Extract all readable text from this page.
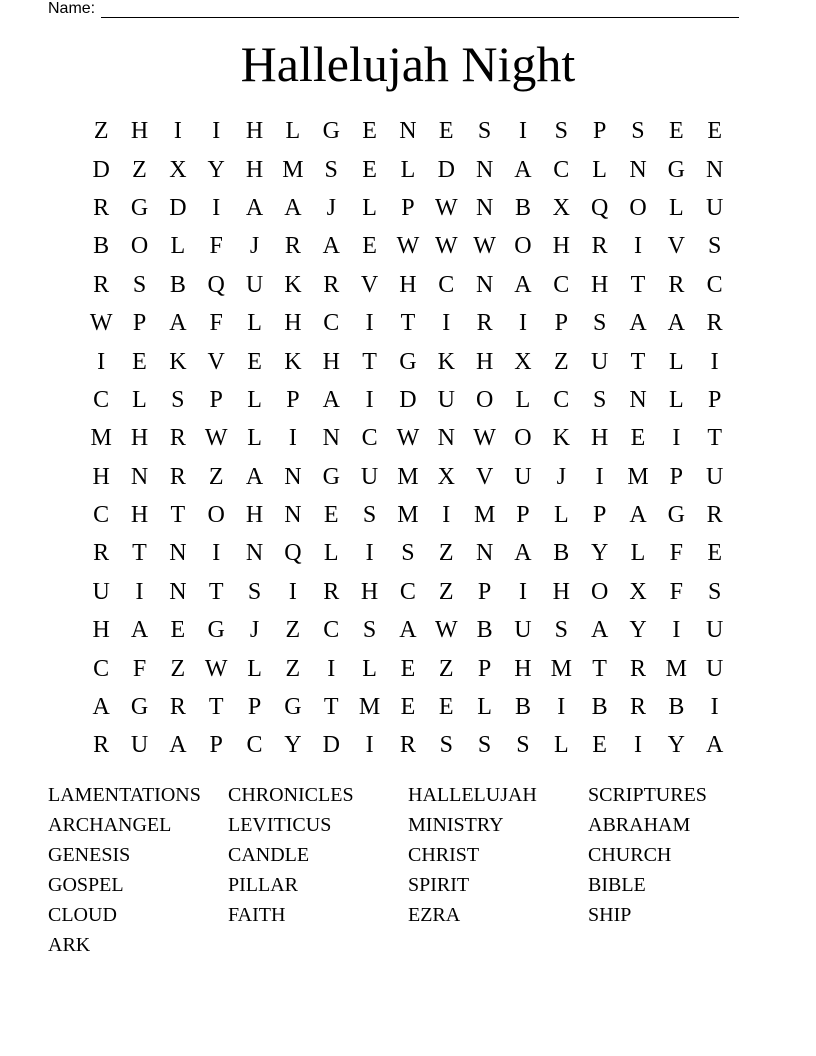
Name:
Hallelujah Night
Z H	I	I	H L G E N E	S	I	S	P	S	E E
D Z X Y H M S	E L D N A C L N G N
R G D	I	A A	J	L	P W N B X Q O L U
B O L	F	J	R A E W W W O H R	I	V S
R S B Q U K R V H C N A C H T R C
W P A F	L H C	I	T	I	R	I	P	S A A R
I	E K V E K H T G K H X Z U T L	I
C L	S	P	L	P A	I	D U O L C S N L	P
M H R W L	I	N C W N W O K H E	I	T
H N R Z A N G U M X V U	J	I M P U
C H T O H N E	S M I M P	L	P A G R
R T N	I	N Q L	I	S	Z N A B Y L	F	E
U	I	N T	S	I	R H C Z	P	I	H O X F	S
H A E G	J	Z C S A W B U S A Y	I	U
C F	Z W L Z	I	L E Z	P H M T R M U
A G R T	P G T M E E L B	I	B R B	I
R U A P C Y D	I	R S	S	S	L E	I	Y A
LAMENTATIONS	CHRONICLES	HALLELUJAH	SCRIPTURES
ARCHANGEL	LEVITICUS	MINISTRY	ABRAHAM
GENESIS	CANDLE	CHRIST	CHURCH
GOSPEL	PILLAR	SPIRIT	BIBLE
CLOUD	FAITH	EZRA	SHIP
ARK
